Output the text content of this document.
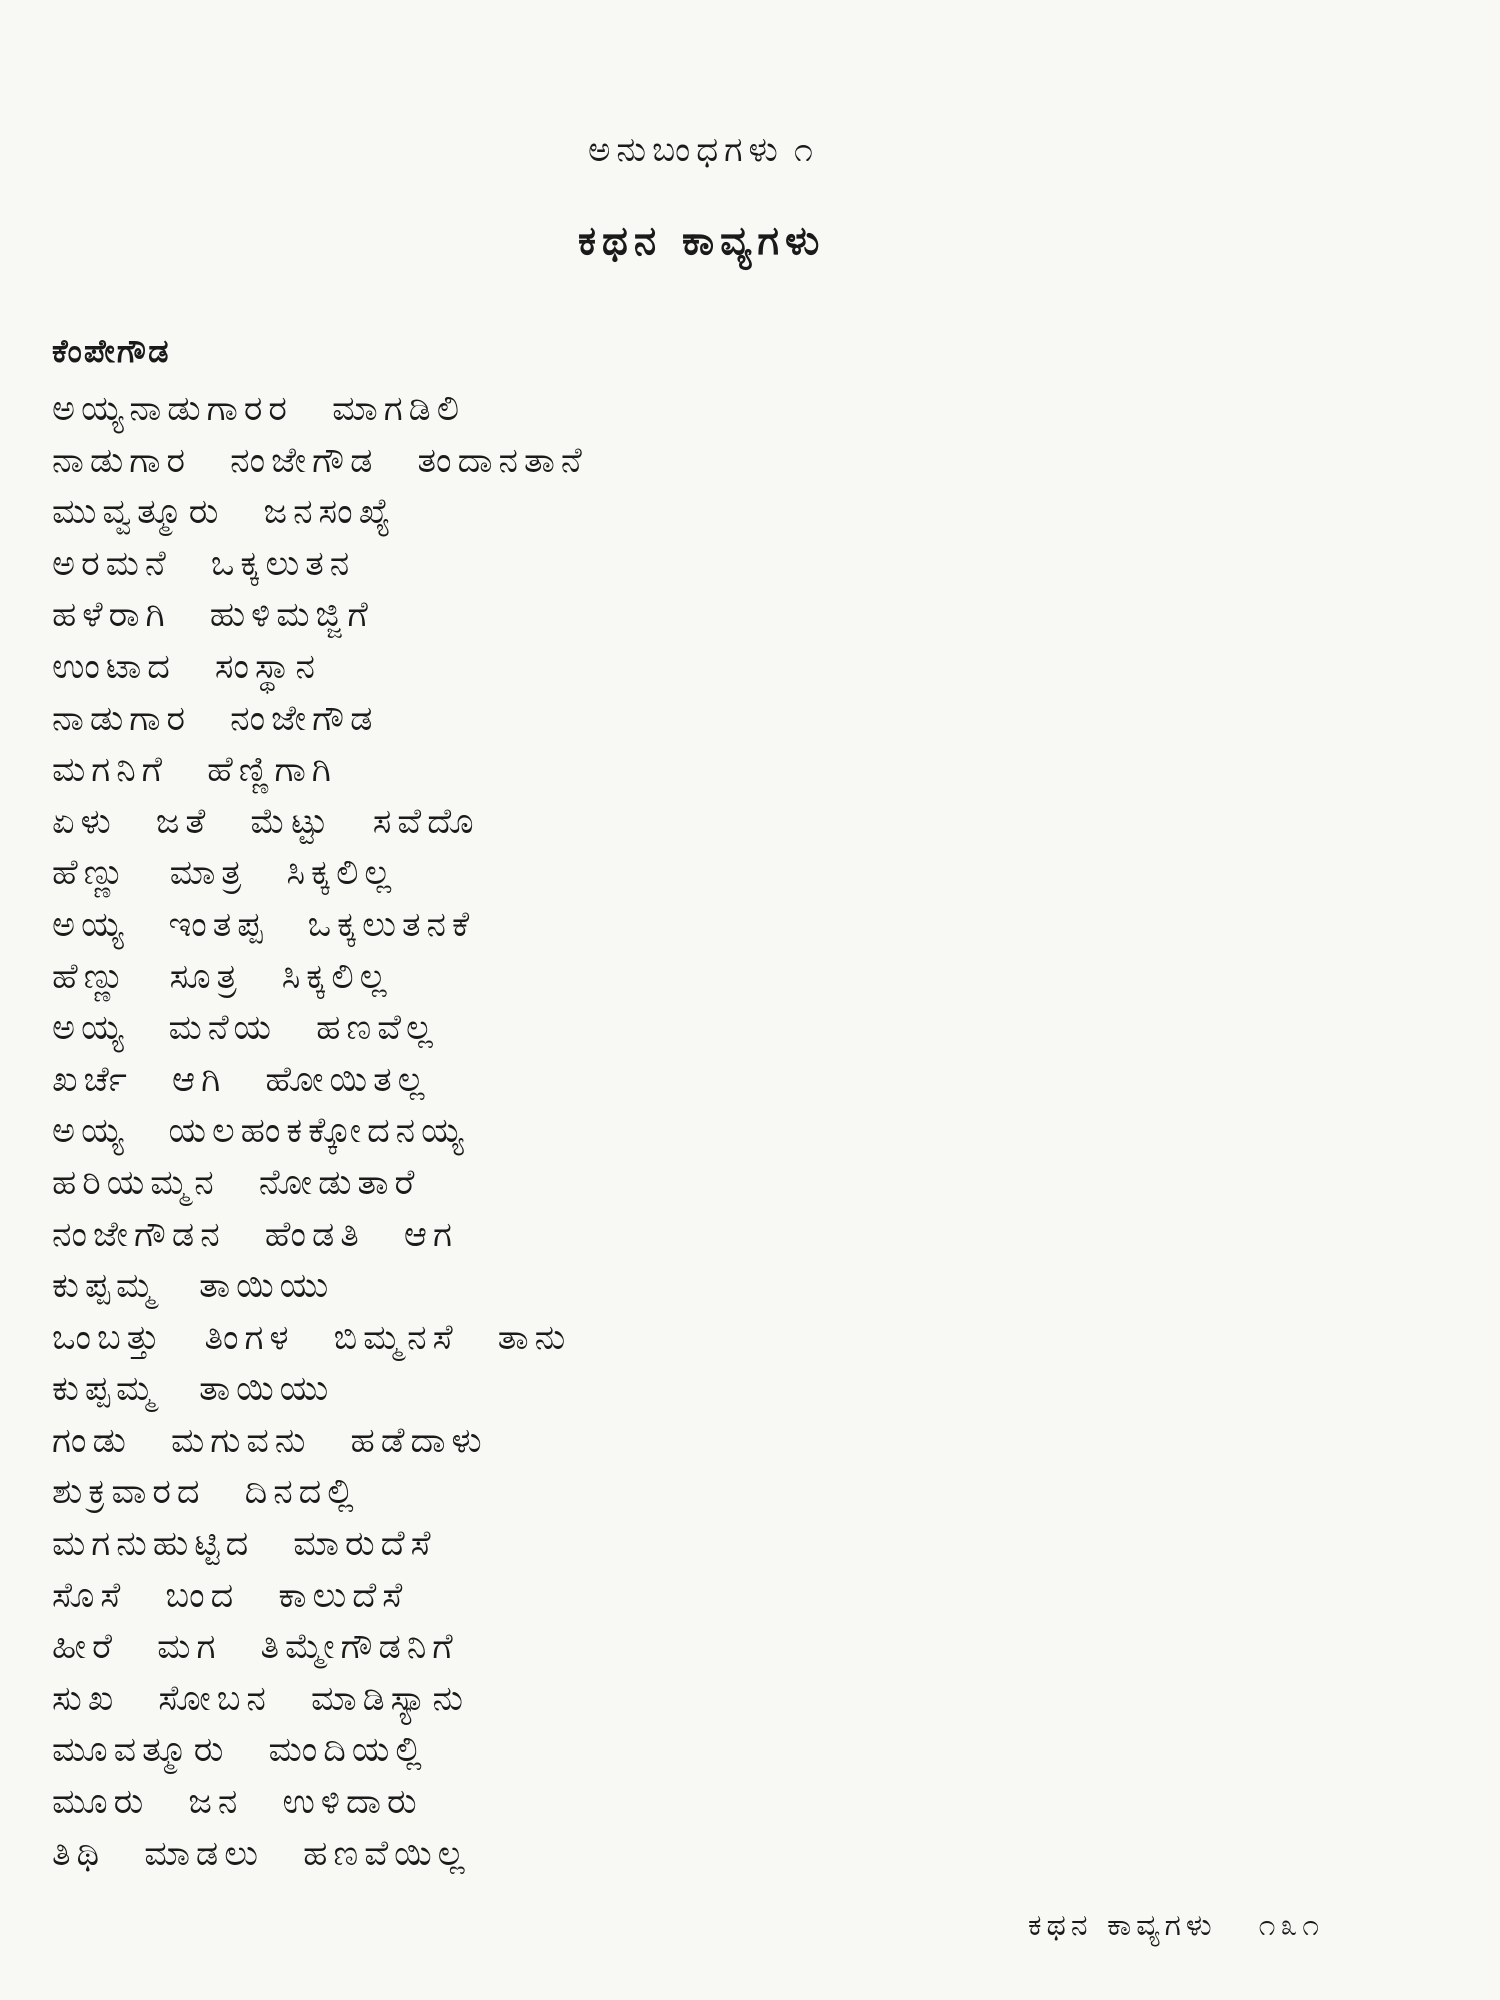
ಅನುಬಂಧಗಳು ೧
ಕಥನ ಕಾವ್ಯಗಳು
ಕೆಂಪೇಗೌಡ
ಅಯ್ಯನಾಡುಗಾರರ ಮಾಗಡಿಲಿ
ನಾಡುಗಾರ ನಂಜೇಗೌಡ ತಂದಾನತಾನೆ
ಮುವ್ವತ್ಮೂರು ಜನಸಂಖ್ಯೆ
ಅರಮನೆ ಒಕ್ಕಲುತನ
ಹಳೆರಾಗಿ ಹುಳಿಮಜ್ಜಿಗೆ
ಉಂಟಾದ ಸಂಸ್ಥಾನ
ನಾಡುಗಾರ ನಂಜೇಗೌಡ
ಮಗನಿಗೆ ಹೆಣ್ಣಿಗಾಗಿ
ಏಳು ಜತೆ ಮೆಟ್ಟು ಸವೆದೊ
ಹೆಣ್ಣು ಮಾತ್ರ ಸಿಕ್ಕಲಿಲ್ಲ
ಅಯ್ಯ ಇಂತಪ್ಪ ಒಕ್ಕಲುತನಕೆ
ಹೆಣ್ಣು ಸೂತ್ರ ಸಿಕ್ಕಲಿಲ್ಲ
ಅಯ್ಯ ಮನೆಯ ಹಣವೆಲ್ಲ
ಖರ್ಚೆ ಆಗಿ ಹೋಯಿತಲ್ಲ
ಅಯ್ಯ ಯಲಹಂಕಕ್ಕೋದನಯ್ಯ
ಹರಿಯಮ್ಮನ ನೋಡುತಾರೆ
ನಂಜೇಗೌಡನ ಹೆಂಡತಿ ಆಗ
ಕುಪ್ಪಮ್ಮ ತಾಯಿಯು
ಒಂಬತ್ತು ತಿಂಗಳ ಬಿಮ್ಮನಸೆ ತಾನು
ಕುಪ್ಪಮ್ಮ ತಾಯಿಯು
ಗಂಡು ಮಗುವನು ಹಡೆದಾಳು
ಶುಕ್ರವಾರದ ದಿನದಲ್ಲಿ
ಮಗನುಹುಟ್ಟಿದ ಮಾರುದೆಸೆ
ಸೊಸೆ ಬಂದ ಕಾಲುದೆಸೆ
ಹೀರೆ ಮಗ ತಿಮ್ಮೇಗೌಡನಿಗೆ
ಸುಖ ಸೋಬನ ಮಾಡಿಸ್ಯಾನು
ಮೂವತ್ಮೂರು ಮಂದಿಯಲ್ಲಿ
ಮೂರು ಜನ ಉಳಿದಾರು
ತಿಥಿ ಮಾಡಲು ಹಣವೆಯಿಲ್ಲ
ಕಥನ ಕಾವ್ಯಗಳು ೧೩೧
